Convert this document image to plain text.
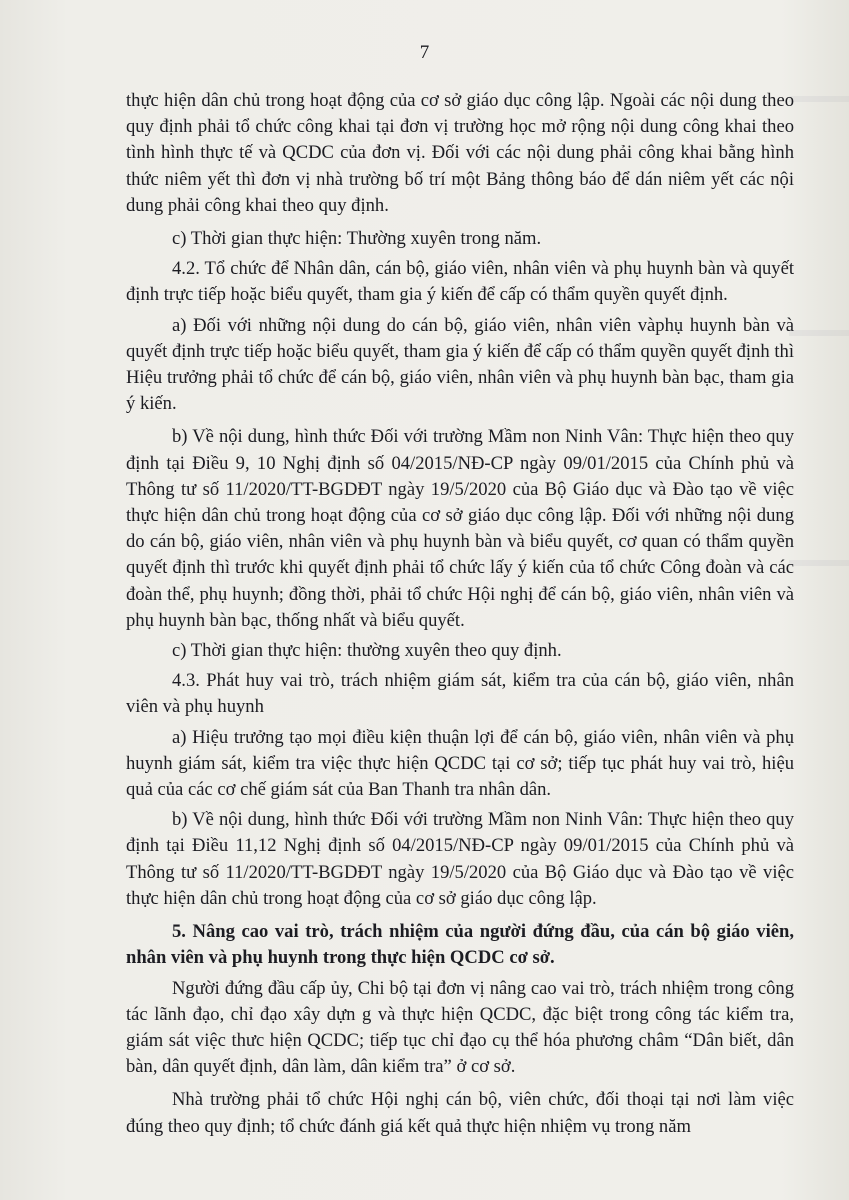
7

thực hiện dân chủ trong hoạt động của cơ sở giáo dục công lập. Ngoài các nội dung theo quy định phải tổ chức công khai tại đơn vị trường học mở rộng nội dung công khai theo tình hình thực tế và QCDC của đơn vị. Đối với các nội dung phải công khai bằng hình thức niêm yết thì đơn vị nhà trường bố trí một Bảng thông báo để dán niêm yết các nội dung phải công khai theo quy định.

c) Thời gian thực hiện: Thường xuyên trong năm.

4.2. Tổ chức để Nhân dân, cán bộ, giáo viên, nhân viên và phụ huynh bàn và quyết định trực tiếp hoặc biểu quyết, tham gia ý kiến để cấp có thẩm quyền quyết định.

a) Đối với những nội dung do cán bộ, giáo viên, nhân viên vàphụ huynh bàn và quyết định trực tiếp hoặc biểu quyết, tham gia ý kiến để cấp có thẩm quyền quyết định thì Hiệu trưởng phải tổ chức để cán bộ, giáo viên, nhân viên và phụ huynh bàn bạc, tham gia ý kiến.

b) Về nội dung, hình thức Đối với trường Mầm non Ninh Vân: Thực hiện theo quy định tại Điều 9, 10 Nghị định số 04/2015/NĐ-CP ngày 09/01/2015 của Chính phủ và Thông tư số 11/2020/TT-BGDĐT ngày 19/5/2020 của Bộ Giáo dục và Đào tạo về việc thực hiện dân chủ trong hoạt động của cơ sở giáo dục công lập. Đối với những nội dung do cán bộ, giáo viên, nhân viên và phụ huynh bàn và biểu quyết, cơ quan có thẩm quyền quyết định thì trước khi quyết định phải tổ chức lấy ý kiến của tổ chức Công đoàn và các đoàn thể, phụ huynh; đồng thời, phải tổ chức Hội nghị để cán bộ, giáo viên, nhân viên và phụ huynh bàn bạc, thống nhất và biểu quyết.

c) Thời gian thực hiện: thường xuyên theo quy định.

4.3. Phát huy vai trò, trách nhiệm giám sát, kiểm tra của cán bộ, giáo viên, nhân viên và phụ huynh

a) Hiệu trưởng tạo mọi điều kiện thuận lợi để cán bộ, giáo viên, nhân viên và phụ huynh giám sát, kiểm tra việc thực hiện QCDC tại cơ sở; tiếp tục phát huy vai trò, hiệu quả của các cơ chế giám sát của Ban Thanh tra nhân dân.

b) Về nội dung, hình thức Đối với trường Mầm non Ninh Vân: Thực hiện theo quy định tại Điều 11,12 Nghị định số 04/2015/NĐ-CP ngày 09/01/2015 của Chính phủ và Thông tư số 11/2020/TT-BGDĐT ngày 19/5/2020 của Bộ Giáo dục và Đào tạo về việc thực hiện dân chủ trong hoạt động của cơ sở giáo dục công lập.

5. Nâng cao vai trò, trách nhiệm của người đứng đầu, của cán bộ giáo viên, nhân viên và phụ huynh trong thực hiện QCDC cơ sở.

Người đứng đầu cấp ủy, Chi bộ tại đơn vị nâng cao vai trò, trách nhiệm trong công tác lãnh đạo, chỉ đạo xây dựn g và thực hiện QCDC, đặc biệt trong công tác kiểm tra, giám sát việc thưc hiện QCDC; tiếp tục chỉ đạo cụ thể hóa phương châm “Dân biết, dân bàn, dân quyết định, dân làm, dân kiểm tra” ở cơ sở.

Nhà trường phải tổ chức Hội nghị cán bộ, viên chức, đối thoại tại nơi làm việc đúng theo quy định; tổ chức đánh giá kết quả thực hiện nhiệm vụ trong năm
